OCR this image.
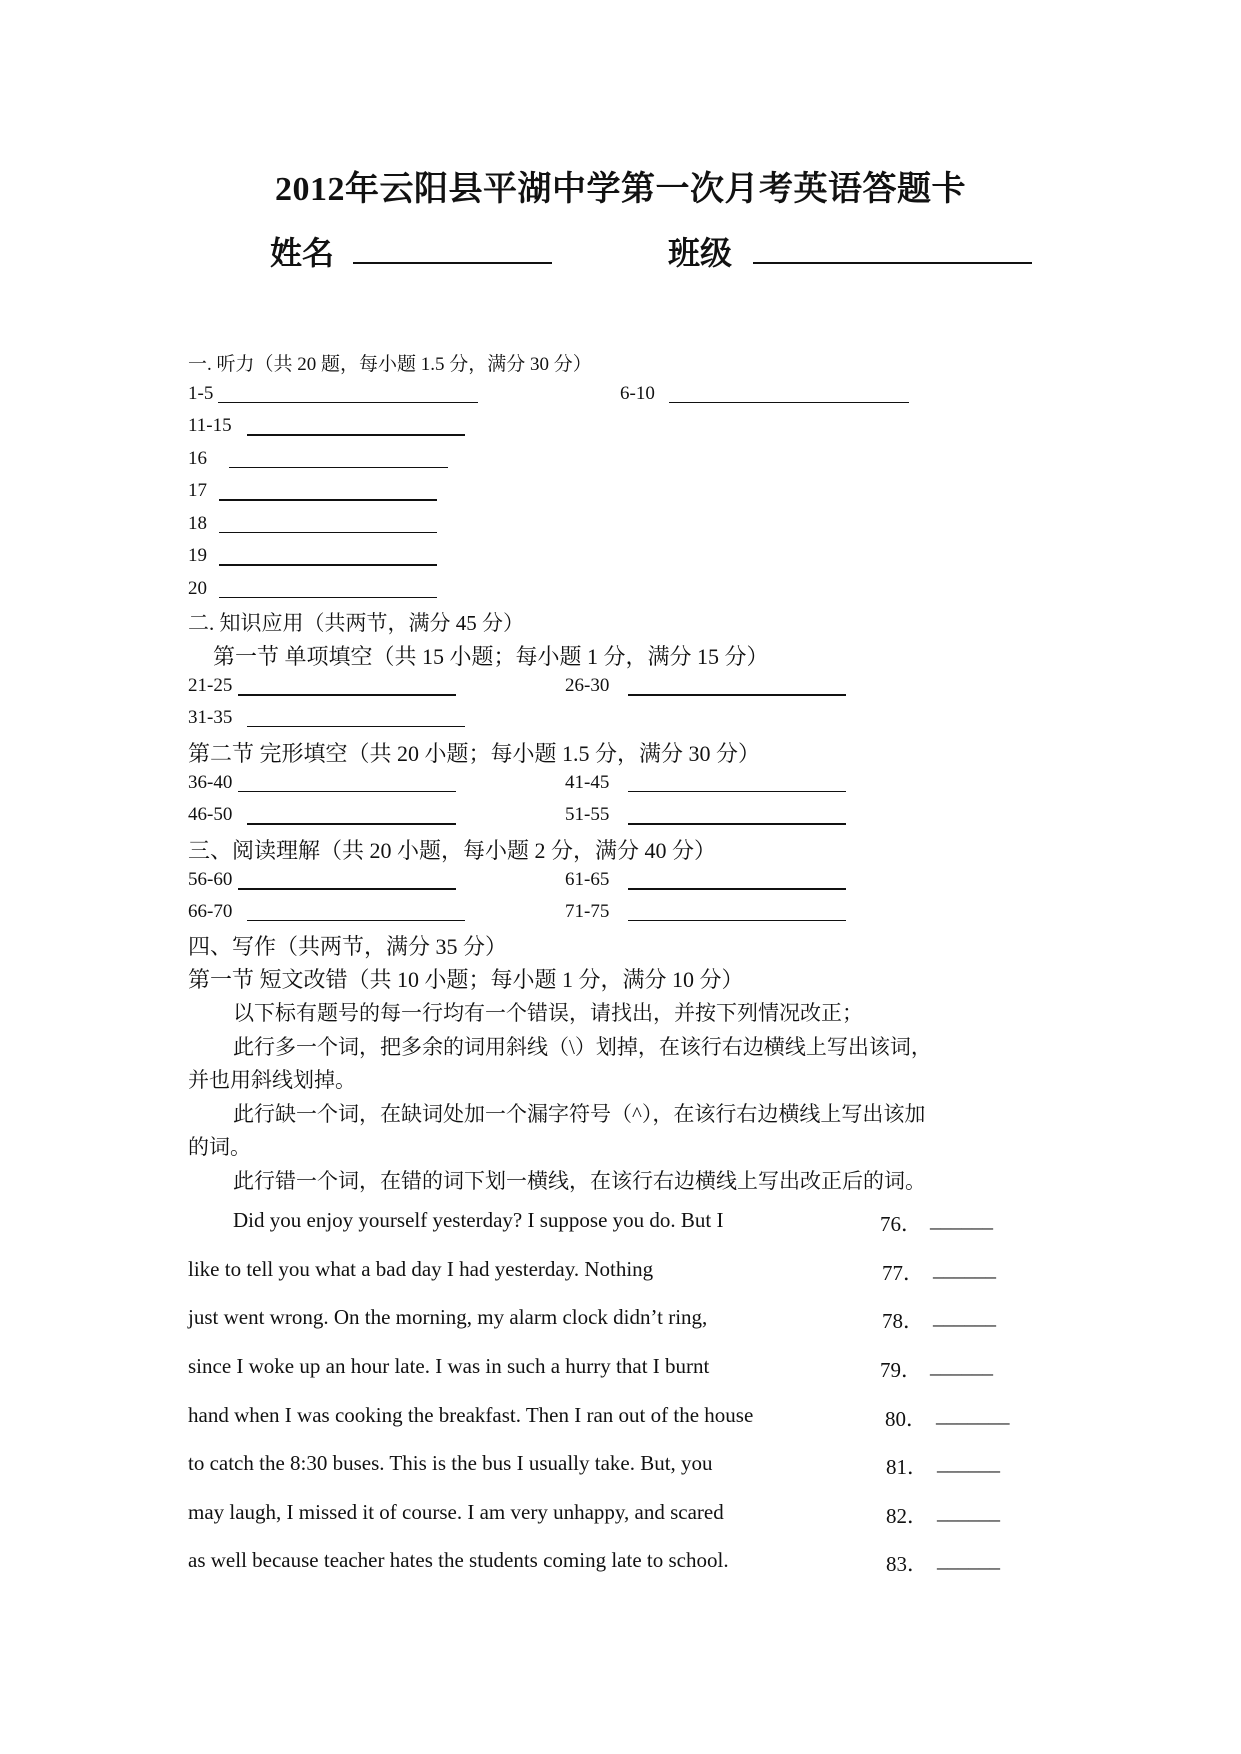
2012年云阳县平湖中学第一次月考英语答题卡
姓名	班级
一. 听力（共 20 题，每小题 1.5 分，满分 30 分）
1-5	6-10
11-15
16
17
18
19
20
二. 知识应用（共两节，满分 45 分）
第一节 单项填空（共 15 小题；每小题 1 分，满分 15 分）
21-25	26-30
31-35
第二节 完形填空（共 20 小题；每小题 1.5 分，满分 30 分）
36-40	41-45
46-50	51-55
三、阅读理解（共 20 小题，每小题 2 分，满分 40 分）
56-60	61-65
66-70	71-75
四、写作（共两节，满分 35 分）
第一节 短文改错（共 10 小题；每小题 1 分，满分 10 分）
以下标有题号的每一行均有一个错误，请找出，并按下列情况改正；
此行多一个词，把多余的词用斜线（\）划掉，在该行右边横线上写出该词，
并也用斜线划掉。
此行缺一个词，在缺词处加一个漏字符号（^），在该行右边横线上写出该加
的词。
此行错一个词，在错的词下划一横线，在该行右边横线上写出改正后的词。
Did you enjoy yourself yesterday? I suppose you do. But I	76． ______
like to tell you what a bad day I had yesterday. Nothing	77． ______
just went wrong. On the morning, my alarm clock didn’t ring,	78． ______
since I woke up an hour late. I was in such a hurry that I burnt	79． ______
hand when I was cooking the breakfast. Then I ran out of the house	80． _______
to catch the 8:30 buses. This is the bus I usually take. But, you	81． ______
may laugh, I missed it of course. I am very unhappy, and scared	82． ______
as well because teacher hates the students coming late to school.	83． ______
